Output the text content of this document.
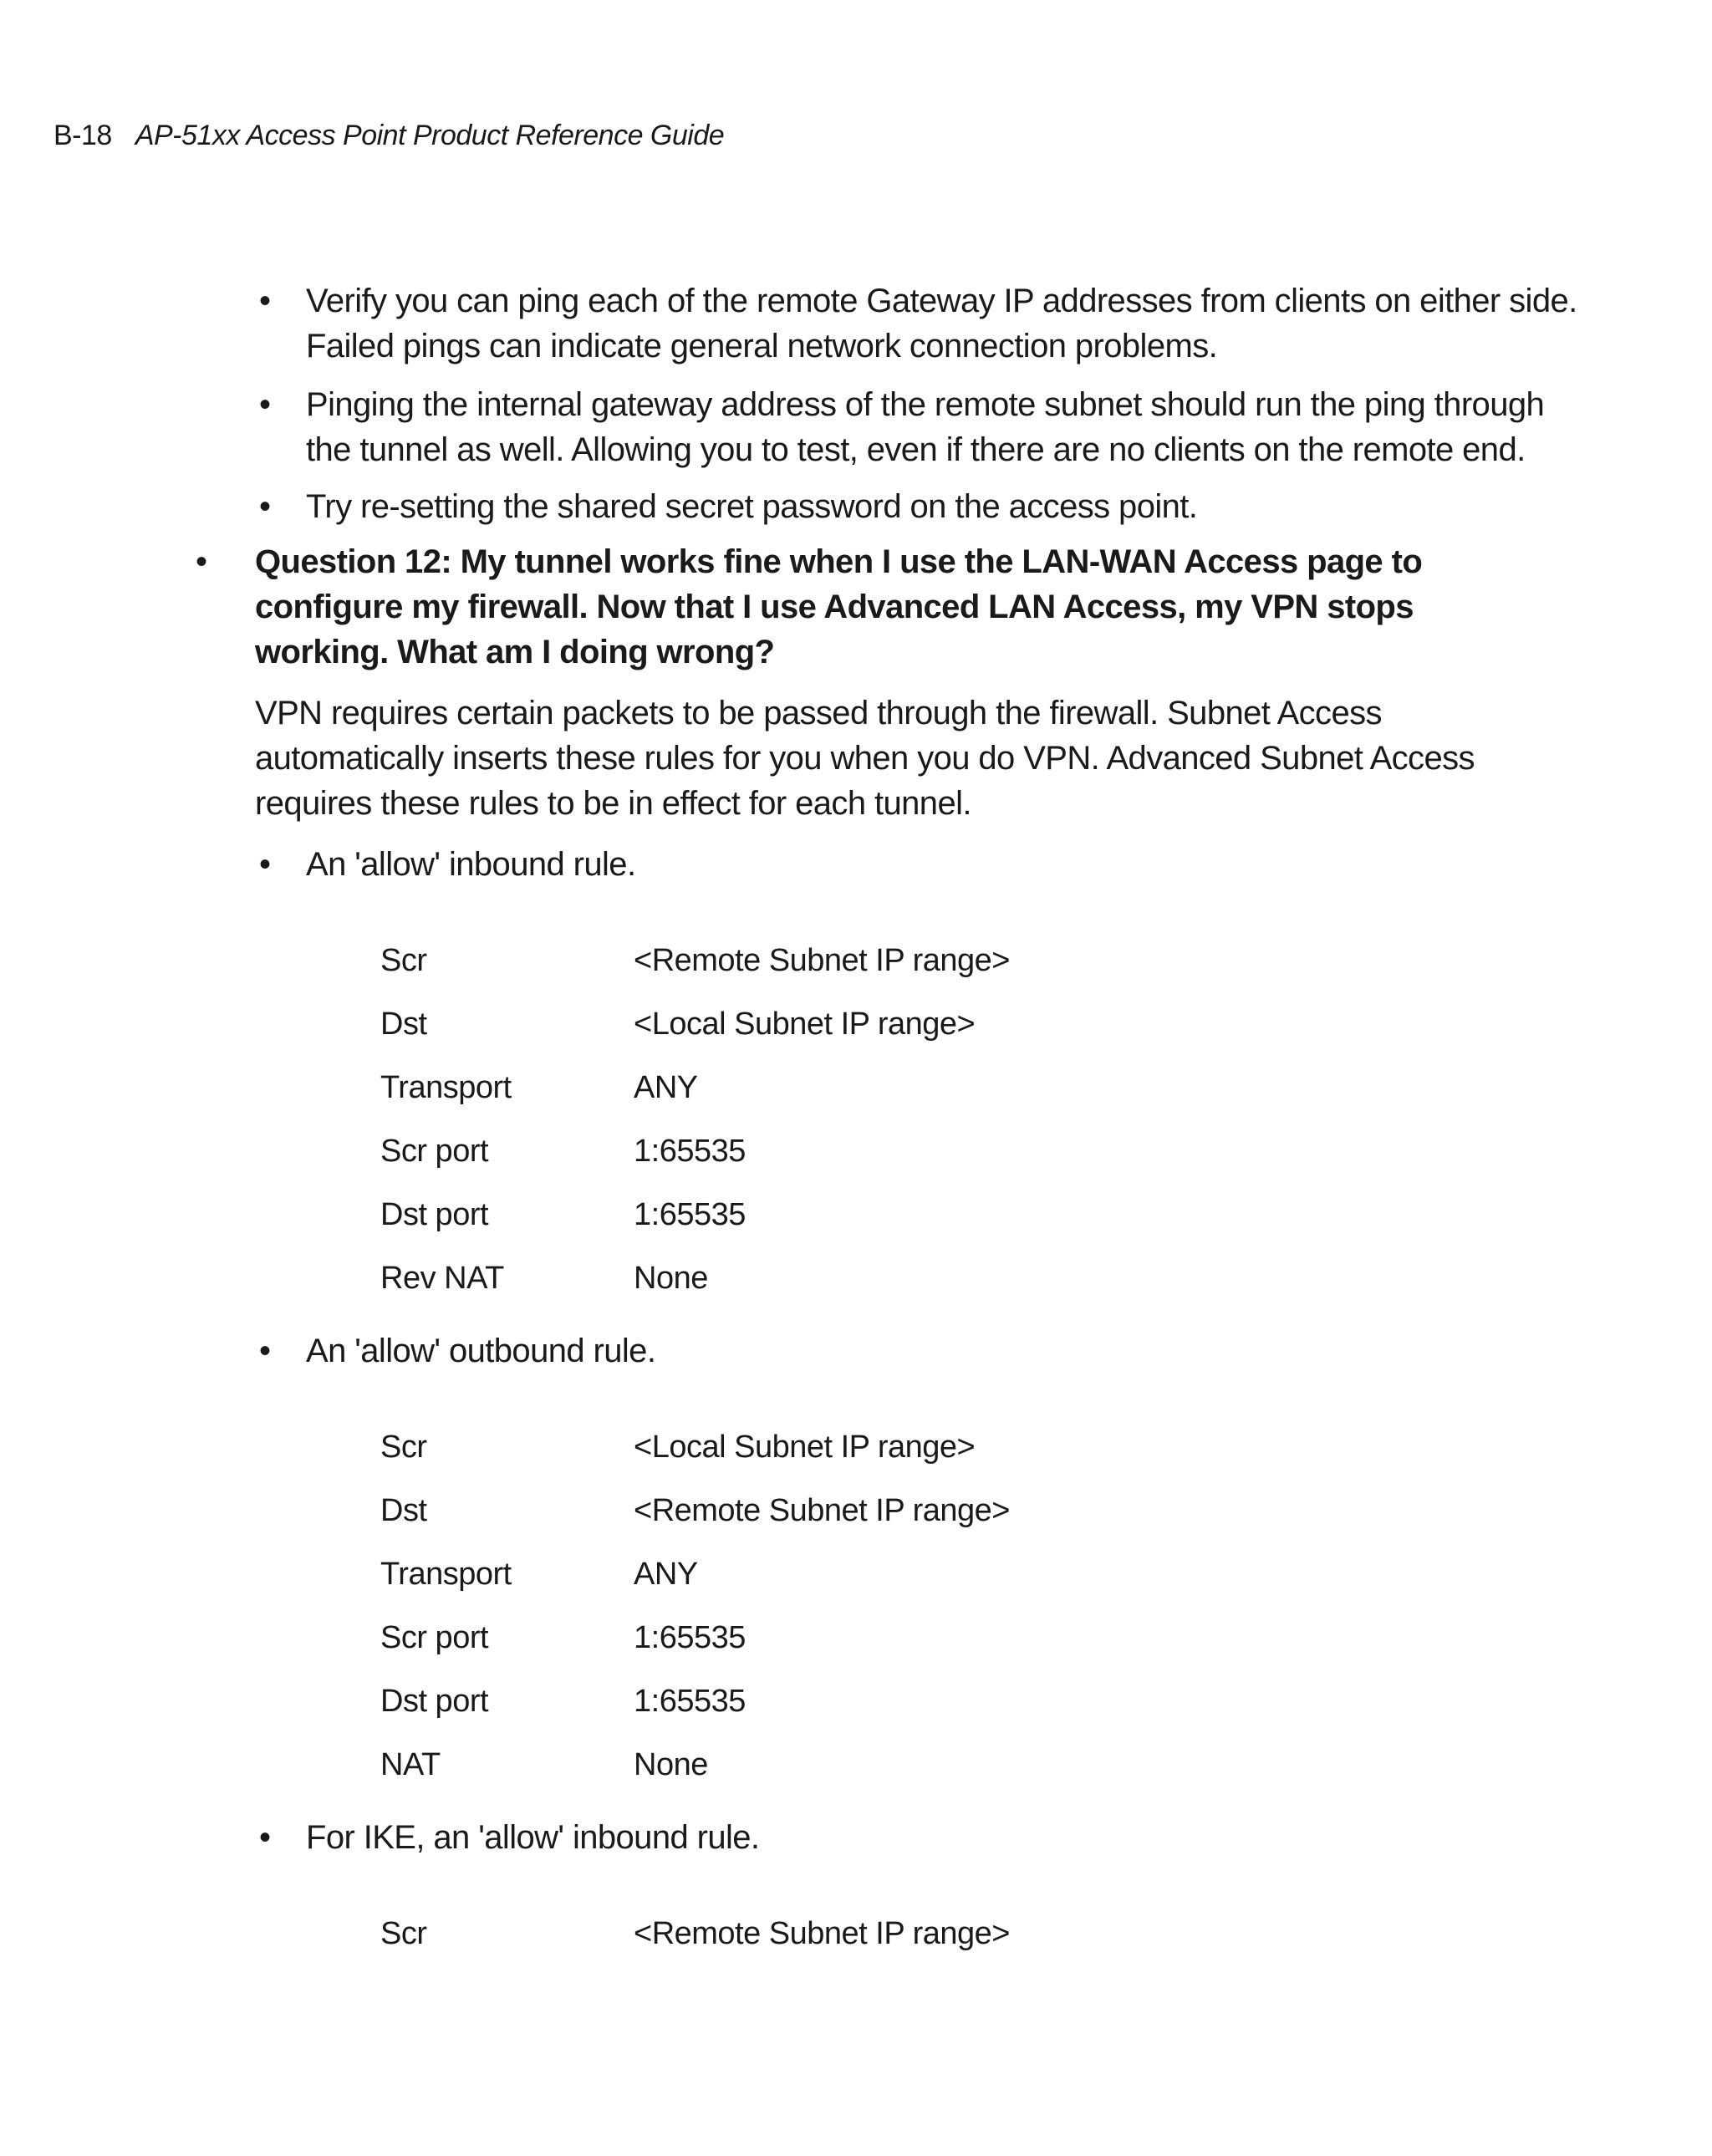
B-18 AP-51xx Access Point Product Reference Guide
• Verify you can ping each of the remote Gateway IP addresses from clients on either side.
Failed pings can indicate general network connection problems.

• Pinging the internal gateway address of the remote subnet should run the ping through
the tunnel as well. Allowing you to test, even if there are no clients on the remote end.

• Try re-setting the shared secret password on the access point.

• Question 12: My tunnel works fine when I use the LAN-WAN Access page to
configure my firewall. Now that I use Advanced LAN Access, my VPN stops
working. What am I doing wrong?

VPN requires certain packets to be passed through the firewall. Subnet Access
automatically inserts these rules for you when you do VPN. Advanced Subnet Access
requires these rules to be in effect for each tunnel.

• An 'allow' inbound rule.

Scr	<Remote Subnet IP range>
Dst	<Local Subnet IP range>
Transport	ANY
Scr port	1:65535
Dst port	1:65535
Rev NAT	None
• An 'allow' outbound rule.

Scr	<Local Subnet IP range>
Dst	<Remote Subnet IP range>
Transport	ANY
Scr port	1:65535
Dst port	1:65535
NAT	None
• For IKE, an 'allow' inbound rule.

Scr	<Remote Subnet IP range>
